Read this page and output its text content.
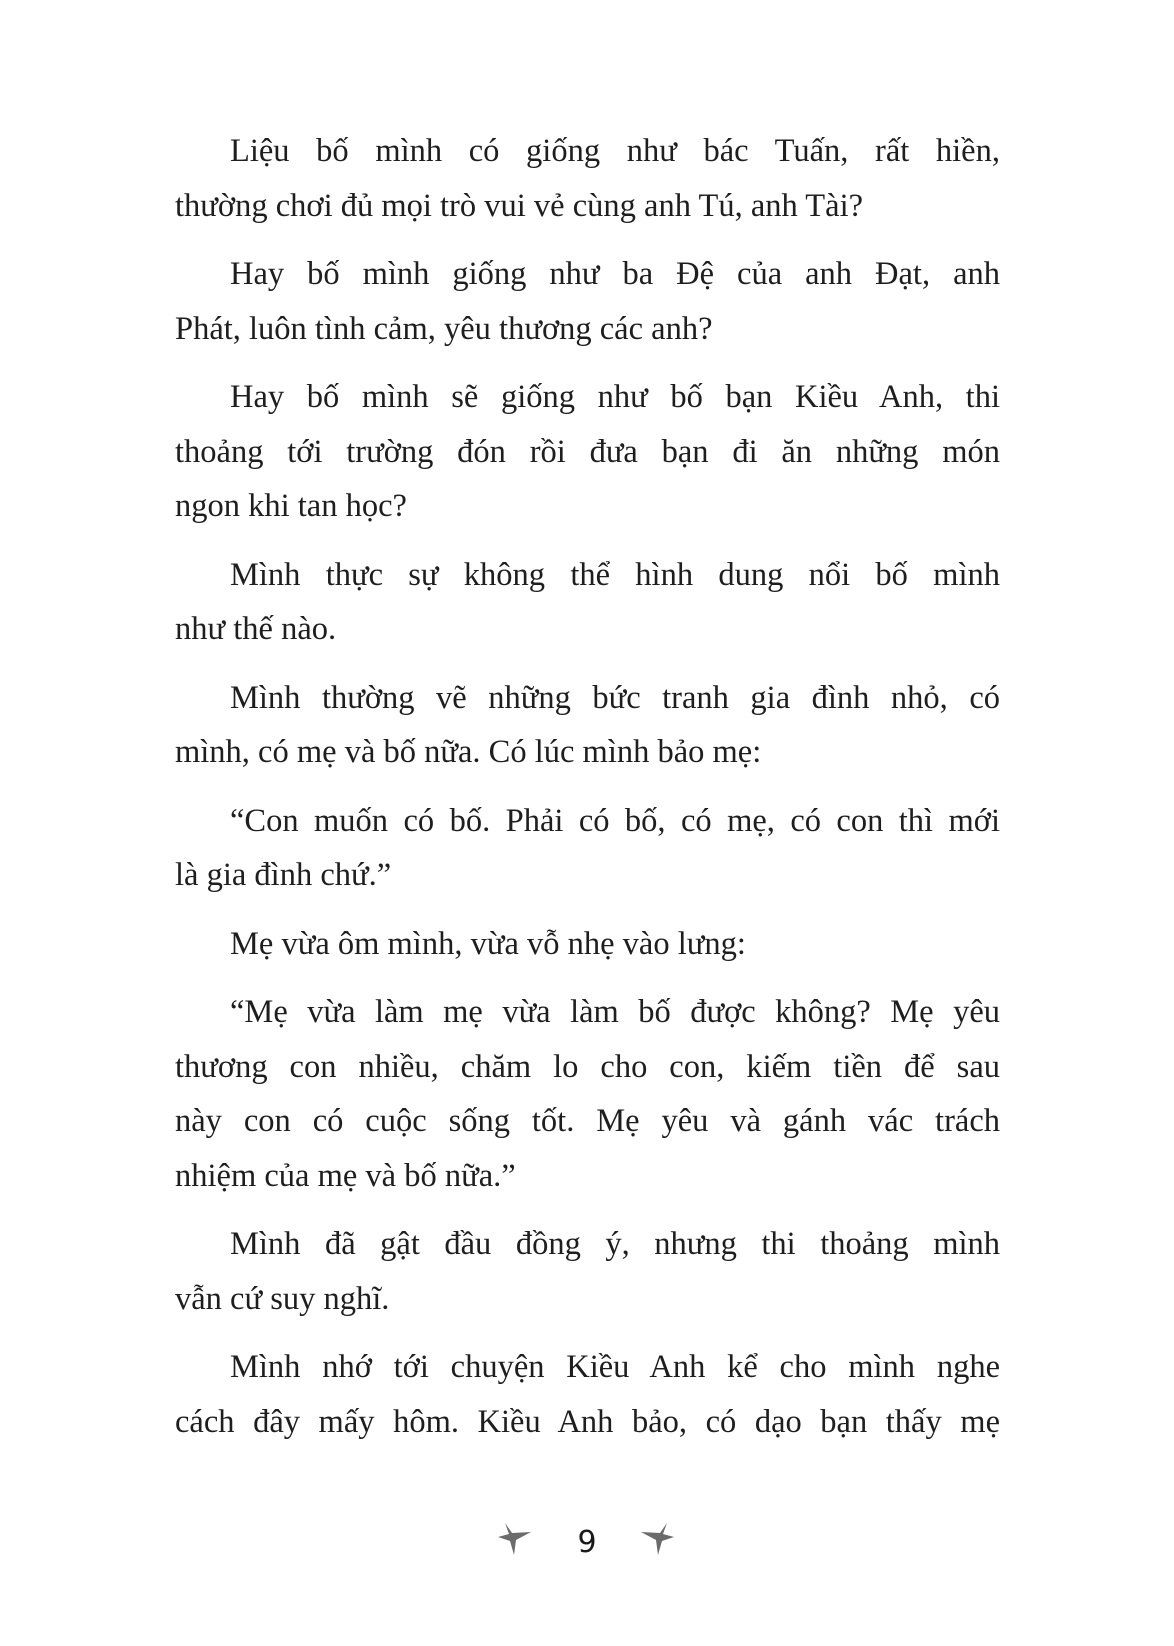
Liệu bố mình có giống như bác Tuấn, rất hiền,
thường chơi đủ mọi trò vui vẻ cùng anh Tú, anh Tài?

Hay bố mình giống như ba Đệ của anh Đạt, anh
Phát, luôn tình cảm, yêu thương các anh?

Hay bố mình sẽ giống như bố bạn Kiều Anh, thi
thoảng tới trường đón rồi đưa bạn đi ăn những món
ngon khi tan học?

Mình thực sự không thể hình dung nổi bố mình
như thế nào.

Mình thường vẽ những bức tranh gia đình nhỏ, có
mình, có mẹ và bố nữa. Có lúc mình bảo mẹ:

“Con muốn có bố. Phải có bố, có mẹ, có con thì mới
là gia đình chứ.”

Mẹ vừa ôm mình, vừa vỗ nhẹ vào lưng:

“Mẹ vừa làm mẹ vừa làm bố được không? Mẹ yêu
thương con nhiều, chăm lo cho con, kiếm tiền để sau
này con có cuộc sống tốt. Mẹ yêu và gánh vác trách
nhiệm của mẹ và bố nữa.”

Mình đã gật đầu đồng ý, nhưng thi thoảng mình
vẫn cứ suy nghĩ.

Mình nhớ tới chuyện Kiều Anh kể cho mình nghe
cách đây mấy hôm. Kiều Anh bảo, có dạo bạn thấy mẹ

9
